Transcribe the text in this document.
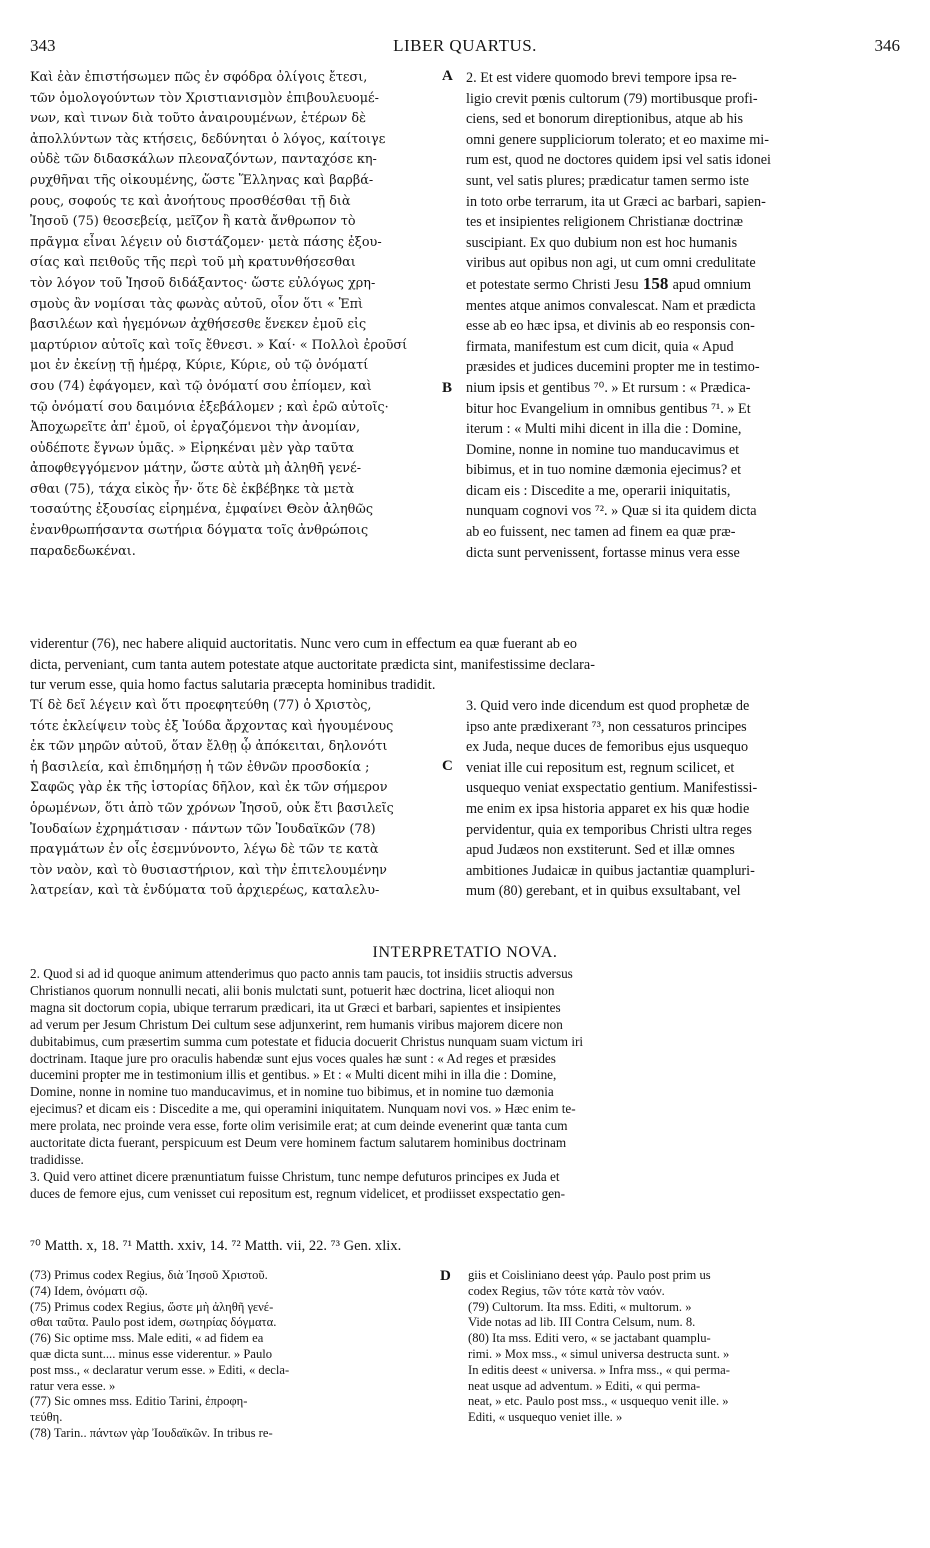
343	LIBER QUARTUS.	346
A
B
C
Καὶ ἐὰν ἐπιστήσωμεν πῶς ἐν σφόδρα ὀλίγοις ἔτεσι,
τῶν ὁμολογούντων τὸν Χριστιανισμὸν ἐπιβουλευομέ-
νων, καὶ τινων διὰ τοῦτο ἀναιρουμένων, ἑτέρων δὲ
ἀπολλύντων τὰς κτήσεις, δεδύνηται ὁ λόγος, καίτοιγε
οὐδὲ τῶν διδασκάλων πλεοναζόντων, πανταχόσε κη-
ρυχθῆναι τῆς οἰκουμένης, ὥστε Ἕλληνας καὶ βαρβά-
ρους, σοφούς τε καὶ ἀνοήτους προσθέσθαι τῇ διὰ
Ἰησοῦ (75) θεοσεβείᾳ, μεῖζον ἢ κατὰ ἄνθρωπον τὸ
πρᾶγμα εἶναι λέγειν οὐ διστάζομεν· μετὰ πάσης ἐξου-
σίας καὶ πειθοῦς τῆς περὶ τοῦ μὴ κρατυνθήσεσθαι
τὸν λόγον τοῦ Ἰησοῦ διδάξαντος· ὥστε εὐλόγως χρη-
σμοὺς ἂν νομίσαι τὰς φωνὰς αὐτοῦ, οἷον ὅτι « Ἐπὶ
βασιλέων καὶ ἡγεμόνων ἀχθήσεσθε ἕνεκεν ἐμοῦ εἰς
μαρτύριον αὐτοῖς καὶ τοῖς ἔθνεσι. » Καί· « Πολλοὶ ἐροῦσί
μοι ἐν ἐκείνῃ τῇ ἡμέρᾳ, Κύριε, Κύριε, οὐ τῷ ὀνόματί
σου (74) ἐφάγομεν, καὶ τῷ ὀνόματί σου ἐπίομεν, καὶ
τῷ ὀνόματί σου δαιμόνια ἐξεβάλομεν ; καὶ ἐρῶ αὐτοῖς·
Ἀποχωρεῖτε ἀπ' ἐμοῦ, οἱ ἐργαζόμενοι τὴν ἀνομίαν,
οὐδέποτε ἔγνων ὑμᾶς. » Εἰρηκέναι μὲν γὰρ ταῦτα
ἀποφθεγγόμενον μάτην, ὥστε αὐτὰ μὴ ἀληθῆ γενέ-
σθαι (75), τάχα εἰκὸς ἦν· ὅτε δὲ ἐκβέβηκε τὰ μετὰ
τοσαύτης ἐξουσίας εἰρημένα, ἐμφαίνει Θεὸν ἀληθῶς
ἐνανθρωπήσαντα σωτήρια δόγματα τοῖς ἀνθρώποις
παραδεδωκέναι.
2. Et est videre quomodo brevi tempore ipsa re-
ligio crevit pœnis cultorum (79) mortibusque profi-
ciens, sed et bonorum direptionibus, atque ab his
omni genere suppliciorum tolerato; et eo maxime mi-
rum est, quod ne doctores quidem ipsi vel satis idonei
sunt, vel satis plures; prædicatur tamen sermo iste
in toto orbe terrarum, ita ut Græci ac barbari, sapien-
tes et insipientes religionem Christianæ doctrinæ
suscipiant. Ex quo dubium non est hoc humanis
viribus aut opibus non agi, ut cum omni credulitate
et potestate sermo Christi Jesu 158 apud omnium
mentes atque animos convalescat. Nam et prædicta
esse ab eo hæc ipsa, et divinis ab eo responsis con-
firmata, manifestum est cum dicit, quia « Apud
præsides et judices ducemini propter me in testimo-
nium ipsis et gentibus ⁷⁰. » Et rursum : « Prædica-
bitur hoc Evangelium in omnibus gentibus ⁷¹. » Et
iterum : « Multi mihi dicent in illa die : Domine,
Domine, nonne in nomine tuo manducavimus et
bibimus, et in tuo nomine dæmonia ejecimus? et
dicam eis : Discedite a me, operarii iniquitatis,
nunquam cognovi vos ⁷². » Quæ si ita quidem dicta
ab eo fuissent, nec tamen ad finem ea quæ præ-
dicta sunt pervenissent, fortasse minus vera esse
viderentur (76), nec habere aliquid auctoritatis. Nunc vero cum in effectum ea quæ fuerant ab eo
dicta, perveniant, cum tanta autem potestate atque auctoritate prædicta sint, manifestissime declara-
tur verum esse, quia homo factus salutaria præcepta hominibus tradidit.
Τί δὲ δεῖ λέγειν καὶ ὅτι προεφητεύθη (77) ὁ Χριστὸς,
τότε ἐκλείψειν τοὺς ἐξ Ἰούδα ἄρχοντας καὶ ἡγουμένους
ἐκ τῶν μηρῶν αὐτοῦ, ὅταν ἔλθῃ ᾧ ἀπόκειται, δηλονότι
ἡ βασιλεία, καὶ ἐπιδημήσῃ ἡ τῶν ἐθνῶν προσδοκία ;
Σαφῶς γὰρ ἐκ τῆς ἱστορίας δῆλον, καὶ ἐκ τῶν σήμερον
ὁρωμένων, ὅτι ἀπὸ τῶν χρόνων Ἰησοῦ, οὐκ ἔτι βασιλεῖς
Ἰουδαίων ἐχρημάτισαν · πάντων τῶν Ἰουδαϊκῶν (78)
πραγμάτων ἐν οἷς ἐσεμνύνοντο, λέγω δὲ τῶν τε κατὰ
τὸν ναὸν, καὶ τὸ θυσιαστήριον, καὶ τὴν ἐπιτελουμένην
λατρείαν, καὶ τὰ ἐνδύματα τοῦ ἀρχιερέως, καταλελυ-
3. Quid vero inde dicendum est quod prophetæ de
ipso ante prædixerant ⁷³, non cessaturos principes
ex Juda, neque duces de femoribus ejus usquequo
veniat ille cui repositum est, regnum scilicet, et
usquequo veniat exspectatio gentium. Manifestissi-
me enim ex ipsa historia apparet ex his quæ hodie
pervidentur, quia ex temporibus Christi ultra reges
apud Judæos non exstiterunt. Sed et illæ omnes
ambitiones Judaicæ in quibus jactantiæ quampluri-
mum (80) gerebant, et in quibus exsultabant, vel
INTERPRETATIO NOVA.
2. Quod si ad id quoque animum attenderimus quo pacto annis tam paucis, tot insidiis structis adversus
Christianos quorum nonnulli necati, alii bonis mulctati sunt, potuerit hæc doctrina, licet alioqui non
magna sit doctorum copia, ubique terrarum prædicari, ita ut Græci et barbari, sapientes et insipientes
ad verum per Jesum Christum Dei cultum sese adjunxerint, rem humanis viribus majorem dicere non
dubitabimus, cum præsertim summa cum potestate et fiducia docuerit Christus nunquam suam victum iri
doctrinam. Itaque jure pro oraculis habendæ sunt ejus voces quales hæ sunt : « Ad reges et præsides
ducemini propter me in testimonium illis et gentibus. » Et : « Multi dicent mihi in illa die : Domine,
Domine, nonne in nomine tuo manducavimus, et in nomine tuo bibimus, et in nomine tuo dæmonia
ejecimus? et dicam eis : Discedite a me, qui operamini iniquitatem. Nunquam novi vos. » Hæc enim te-
mere prolata, nec proinde vera esse, forte olim verisimile erat; at cum deinde evenerint quæ tanta cum
auctoritate dicta fuerant, perspicuum est Deum vere hominem factum salutarem hominibus doctrinam
tradidisse.
3. Quid vero attinet dicere prænuntiatum fuisse Christum, tunc nempe defuturos principes ex Juda et
duces de femore ejus, cum venisset cui repositum est, regnum videlicet, et prodiisset exspectatio gen-
⁷⁰ Matth. x, 18. ⁷¹ Matth. xxiv, 14. ⁷² Matth. vii, 22. ⁷³ Gen. xlix.
(73) Primus codex Regius, διὰ Ἰησοῦ Χριστοῦ.
(74) Idem, ὀνόματι σῷ.
(75) Primus codex Regius, ὥστε μὴ ἀληθῆ γενέ-
σθαι ταῦτα. Paulo post idem, σωτηρίας δόγματα.
(76) Sic optime mss. Male editi, « ad fidem ea
quæ dicta sunt.... minus esse viderentur. » Paulo
post mss., « declaratur verum esse. » Editi, « decla-
ratur vera esse. »
(77) Sic omnes mss. Editio Tarini, ἐπροφη-
τεύθη.
(78) Tarin.. πάντων γὰρ Ἰουδαϊκῶν. In tribus re-
D giis et Coisliniano deest γάρ. Paulo post prim us
codex Regius, τῶν τότε κατὰ τὸν ναόν.
(79) Cultorum. Ita mss. Editi, « multorum. »
Vide notas ad lib. III Contra Celsum, num. 8.
(80) Ita mss. Editi vero, « se jactabant quamplu-
rimi. » Mox mss., « simul universa destructa sunt. »
In editis deest « universa. » Infra mss., « qui perma-
neat usque ad adventum. » Editi, « qui perma-
neat, » etc. Paulo post mss., « usquequo venit ille. »
Editi, « usquequo veniet ille. »
